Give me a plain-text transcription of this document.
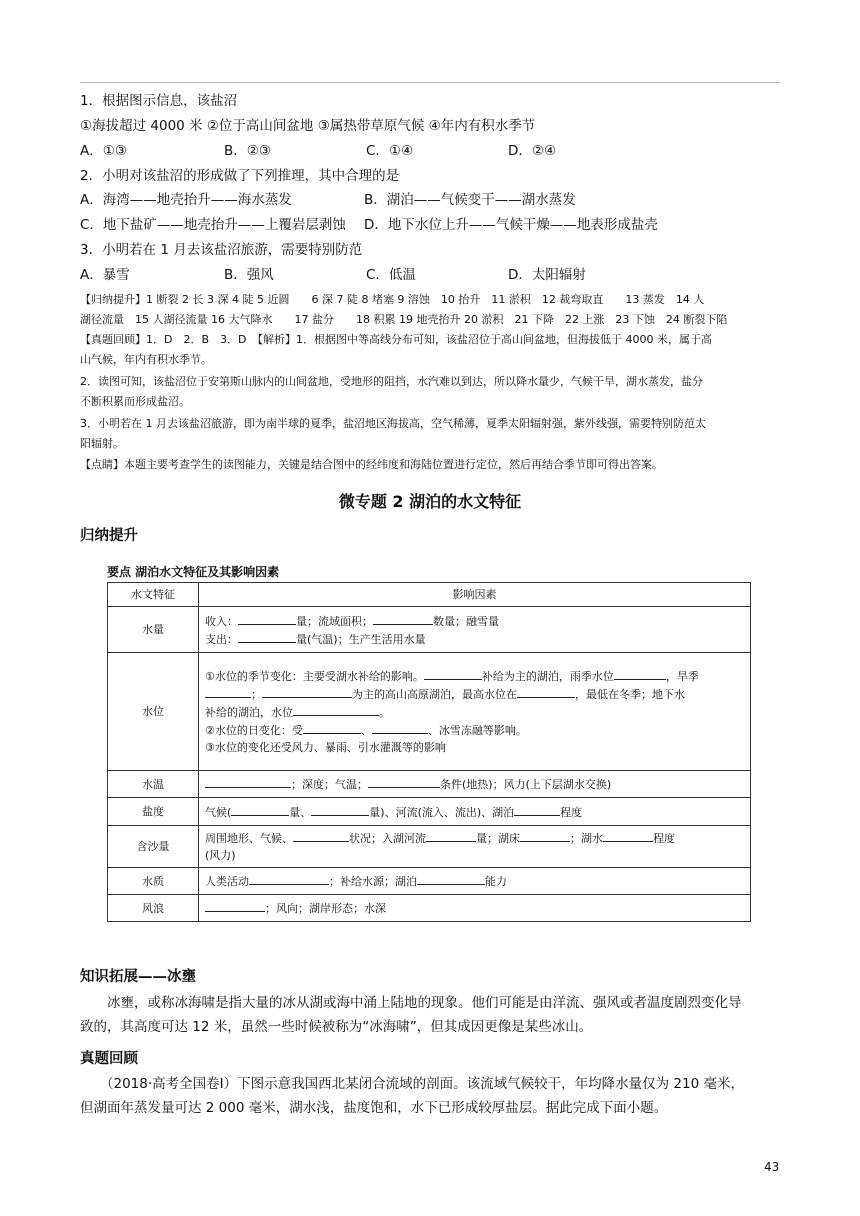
1．根据图示信息，该盐沼
①海拔超过 4000 米 ②位于高山间盆地 ③属热带草原气候 ④年内有积水季节
A．①③	B．②③	C．①④	D．②④
2．小明对该盐沼的形成做了下列推理，其中合理的是
A．海湾——地壳抬升——海水蒸发	B．湖泊——气候变干——湖水蒸发
C．地下盐矿——地壳抬升——上覆岩层剥蚀 D．地下水位上升——气候干燥——地表形成盐壳
3．小明若在 1 月去该盐沼旅游，需要特别防范
A．暴雪	B．强风	C．低温	D．太阳辐射
【归纳提升】1 断裂 2 长 3 深 4 陡 5 近圆　　6 深 7 陡 8 堵塞 9 溶蚀　10 抬升　11 淤积　12 裁弯取直　　13 蒸发　14 人
湖径流量　15 人湖径流量 16 大气降水　　17 盐分　　18 积累 19 地壳抬升 20 淤积　21 下降　22 上涨　23 下蚀　24 断裂下陷
【真题回顾】1．D　2．B　3．D　【解析】1．根据图中等高线分布可知，该盐沼位于高山间盆地，但海拔低于 4000 米，属于高
山气候，年内有积水季节。
2．读图可知，该盐沼位于安第斯山脉内的山间盆地，受地形的阻挡，水汽难以到达，所以降水量少，气候干旱，湖水蒸发，盐分
不断积累而形成盐沼。
3．小明若在 1 月去该盐沼旅游，即为南半球的夏季，盐沼地区海拔高，空气稀薄，夏季太阳辐射强，紫外线强，需要特别防范太
阳辐射。
【点睛】本题主要考查学生的读图能力，关键是结合图中的经纬度和海陆位置进行定位，然后再结合季节即可得出答案。
微专题 2 湖泊的水文特征
归纳提升
要点 湖泊水文特征及其影响因素
水文特征	影响因素
水量	收入： 量；流域面积； 数量；融雪量
支出： 量(气温)；生产生活用水量
水位	①水位的季节变化：主要受湖水补给的影响。 补给为主的湖泊，雨季水位 ，旱季
； 为主的高山高原湖泊，最高水位在 ，最低在冬季；地下水
补给的湖泊，水位 。
②水位的日变化：受 、 、冰雪冻融等影响。
③水位的变化还受风力、暴雨、引水灌溉等的影响
水温	；深度；气温； 条件(地热)；风力(上下层湖水交换)
盐度	气候( 量、 量)、河流(流入、流出)、湖泊 程度
含沙量	周围地形、气候、 状况；入湖河流 量；湖床 ；湖水 程度
(风力)
水质	人类活动 ；补给水源；湖泊 能力
风浪	；风向；湖岸形态；水深
知识拓展——冰壅
冰壅，或称冰海啸是指大量的冰从湖或海中涌上陆地的现象。他们可能是由洋流、强风或者温度剧烈变化导
致的，其高度可达 12 米，虽然一些时候被称为“冰海啸”，但其成因更像是某些冰山。
真题回顾
（2018·高考全国卷Ⅰ）下图示意我国西北某闭合流域的剖面。该流域气候较干，年均降水量仅为 210 毫米，
但湖面年蒸发量可达 2 000 毫米，湖水浅，盐度饱和，水下已形成较厚盐层。据此完成下面小题。
43
